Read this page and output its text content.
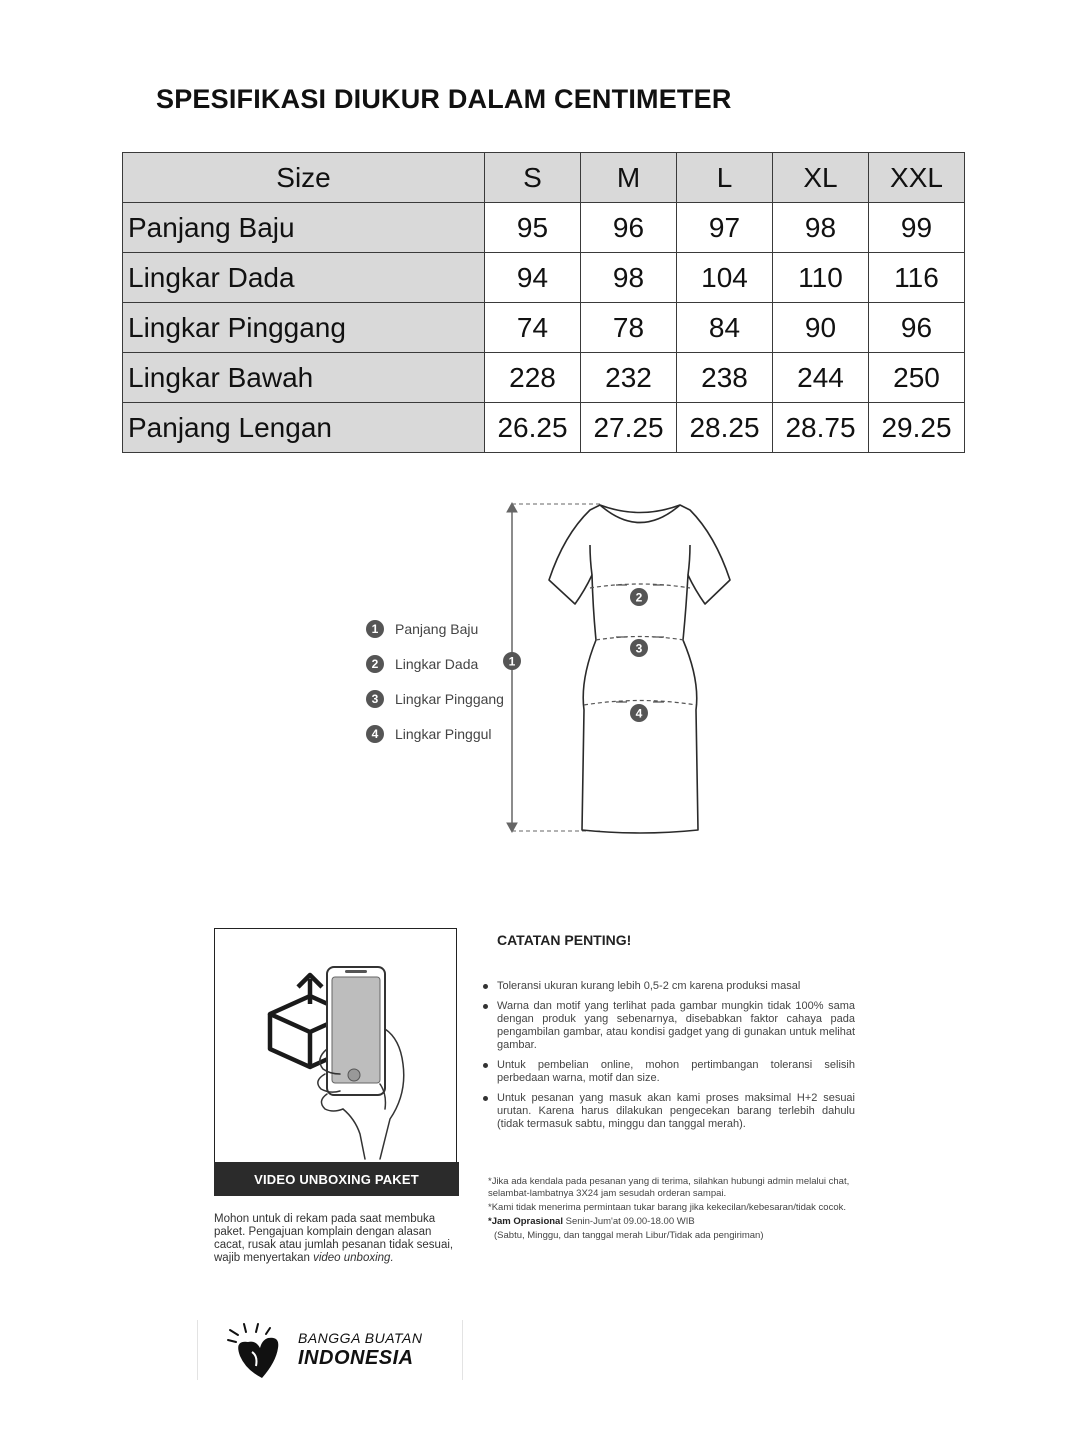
SPESIFIKASI DIUKUR DALAM CENTIMETER
Size	S	M	L	XL	XXL
Panjang Baju	95	96	97	98	99
Lingkar Dada	94	98	104	110	116
Lingkar Pinggang	74	78	84	90	96
Lingkar Bawah	228	232	238	244	250
Panjang Lengan	26.25	27.25	28.25	28.75	29.25
1
2
3
4
1	Panjang Baju
2	Lingkar Dada
3	Lingkar Pinggang
4	Lingkar Pinggul
VIDEO UNBOXING PAKET
Mohon untuk di rekam pada saat membuka paket. Pengajuan komplain dengan alasan cacat, rusak atau jumlah pesanan tidak sesuai, wajib menyertakan video unboxing.
CATATAN PENTING!
Toleransi ukuran kurang lebih 0,5-2 cm karena produksi masal
Warna dan motif yang terlihat pada gambar mungkin tidak 100% sama dengan produk yang sebenarnya, disebabkan faktor cahaya pada pengambilan gambar, atau kondisi gadget yang di gunakan untuk melihat gambar.
Untuk pembelian online, mohon pertimbangan toleransi selisih perbedaan warna, motif dan size.
Untuk pesanan yang masuk akan kami proses maksimal H+2 sesuai urutan. Karena harus dilakukan pengecekan barang terlebih dahulu (tidak termasuk sabtu, minggu dan tanggal merah).

*Jika ada kendala pada pesanan yang di terima, silahkan hubungi admin melalui chat, selambat-lambatnya 3X24 jam sesudah orderan sampai.

*Kami tidak menerima permintaan tukar barang jika kekecilan/kebesaran/tidak cocok.

*Jam Oprasional Senin-Jum'at 09.00-18.00 WIB

(Sabtu, Minggu, dan tanggal merah Libur/Tidak ada pengiriman)

BANGGA BUATAN
INDONESIA
